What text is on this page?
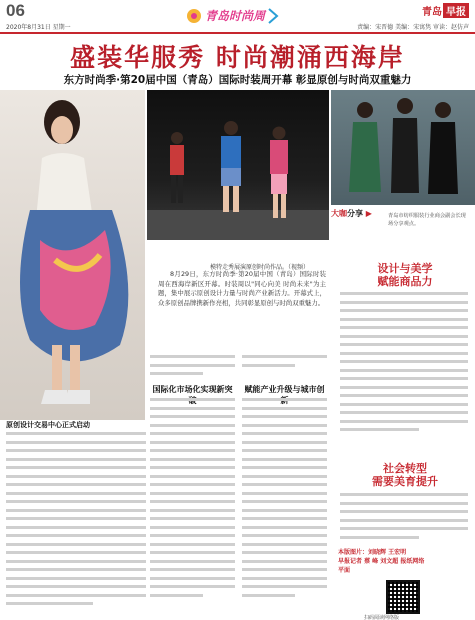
06
2020年8月31日 星期一
青岛时尚周	青岛 早报
责编：宋晋德 美编：宋寓隽 审读：赵仿声
盛装华服秀 时尚潮涌西海岸
东方时尚季·第20届中国（青岛）国际时装周开幕 彰显原创与时尚双重魅力
原创设计交易中心正式启动
模特走秀展演原创时尚作品。（视频）
8月29日，东方时尚季·第20届中国（青岛）国际时装周在西海岸新区开幕。时装周以"同心向美 时尚未来"为主题，集中展示原创设计力量与时尚产业新活力。开幕式上，众多原创品牌携新作亮相，共同彰显原创与时尚双重魅力。
大咖分享 ▶	青岛市纺织服装行业商会副会长现场分享观点。
设计与美学
赋能商品力
社会转型
需要美育提升
本版图片：刘晓辉 王宏明
早报记者 蔡 峰 刘文超 报纸网络
平面
扫码阅读网络版
国际化市场化实现新突	赋能产业升级与城市创
